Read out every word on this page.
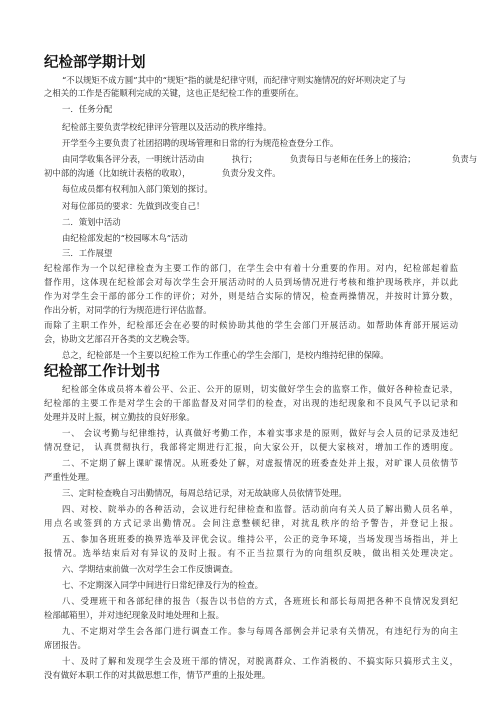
纪检部学期计划
“不以规矩不成方圆”其中的“规矩”指的就是纪律守则，而纪律守则实施情况的好坏则决定了与
之相关的工作是否能顺利完成的关键，这也正是纪检工作的重要所在。
一．任务分配
纪检部主要负责学校纪律评分管理以及活动的秩序维持。
开学至今主要负责了社团招聘的现场管理和日常的行为规范检查登分工作。
由同学收集各评分表，一明统计活动由	执行；	负责每日与老师在任务上的接洽；	负责与
初中部的沟通（比如统计表格的收取），	负责分发文件。
每位成员都有权利加入部门策划的探讨。
对每位部员的要求：先做到改变自己！
二．策划中活动
由纪检部发起的“校园啄木鸟”活动
三．工作展望
纪检部作为一个以纪律检查为主要工作的部门，在学生会中有着十分重要的作用。对内，纪检部起着监
督作用，这体现在纪检部会对每次学生会开展活动时的人员到场情况进行考核和维护现场秩序，并以此
作为对学生会干部的部分工作的评价；对外，则是结合实际的情况，检查两操情况，并按时计算分数，
作出分析，对同学的行为规范进行评估监督。
而除了主职工作外，纪检部还会在必要的时候协助其他的学生会部门开展活动。如帮助体育部开展运动
会，协助文艺部召开各类的文艺晚会等。
总之，纪检部是一个主要以纪检工作为工作重心的学生会部门，是校内维持纪律的保障。
纪检部工作计划书
纪检部全体成员将本着公平、公正、公开的原则，切实做好学生会的监察工作，做好各种检查记录，
纪检部的主要工作是对学生会的干部监督及对同学们的检查，对出现的违纪现象和不良风气予以记录和
处理并及时上报，树立勤技的良好形象。
一、 会议考勤与纪律维持，认真做好考勤工作，本着实事求是的原则，做好与会人员的记录及违纪
情况登记， 认真贯彻执行，我部将定期进行汇报，向大家公开，以便大家核对，增加工作的透明度。
二、不定期了解上课旷课情况。从班委处了解，对虚报情况的班委查处并上报，对旷课人员依情节
严重性处理。
三、定时检查晚自习出勤情况，每周总结记录，对无故缺席人员依情节处理。
四、对校、院举办的各种活动，会议进行纪律检查和监督。活动前向有关人员了解出勤人员名单，
用点名或签到的方式记录出勤情况。会间注意整顿纪律，对扰乱秩序的给予警告，并登记上报。
五、参加各班班委的换界选举及评优会议。维持公平，公正的竞争环境，当场发现当场指出，并上
报情况。选举结束后对有异议的及时上报。有不正当拉票行为的向组织反映，做出相关处理决定。
六、学期结束前做一次对学生会工作反馈调查。
七、不定期深入同学中间进行日常纪律及行为的检查。
八、受理班干和各部纪律的报告（报告以书信的方式，各班班长和部长每周把各种不良情况发到纪
检部邮箱里），并对违纪现象及时地处理和上报。
九、不定期对学生会各部门进行调查工作。参与每周各部例会并记录有关情况，有违纪行为的向主
席团报告。
十、及时了解和发现学生会及班干部的情况，对脱离群众、工作消极的、不搞实际只搞形式主义，
没有做好本职工作的对其做思想工作，情节严重的上报处理。
